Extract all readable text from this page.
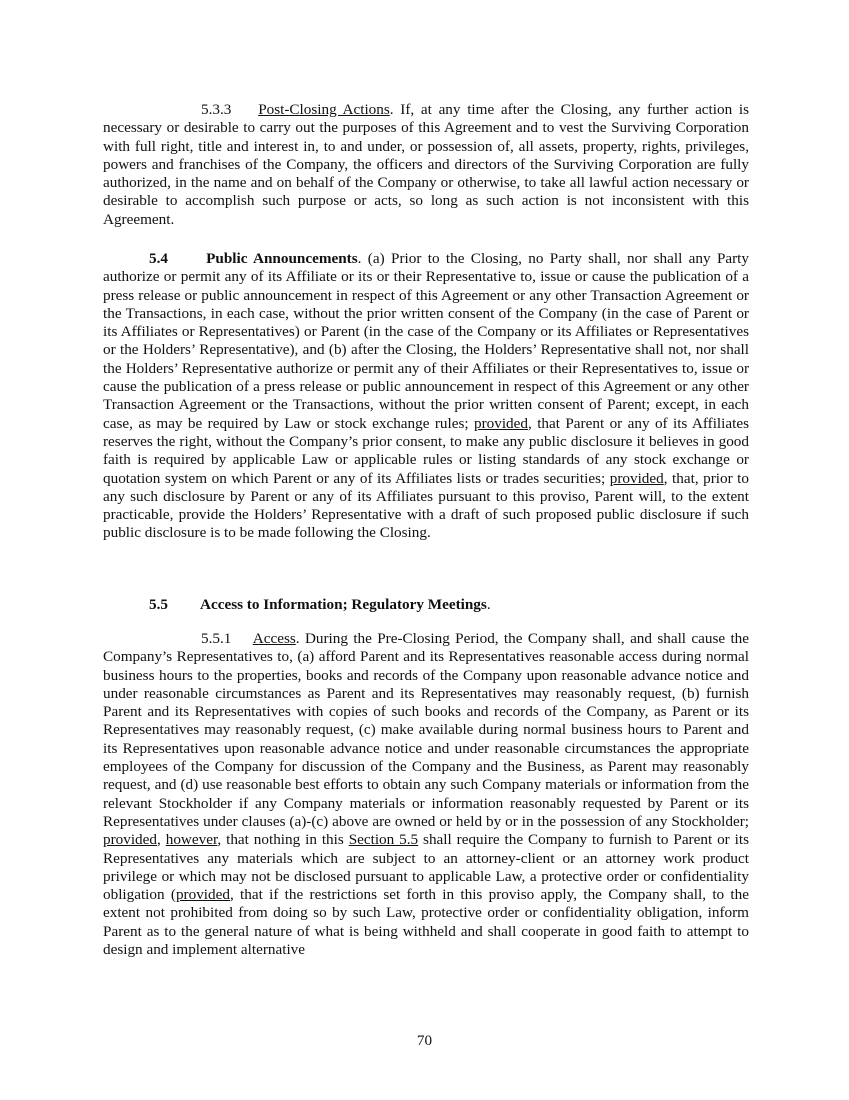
5.3.3 Post-Closing Actions. If, at any time after the Closing, any further action is necessary or desirable to carry out the purposes of this Agreement and to vest the Surviving Corporation with full right, title and interest in, to and under, or possession of, all assets, property, rights, privileges, powers and franchises of the Company, the officers and directors of the Surviving Corporation are fully authorized, in the name and on behalf of the Company or otherwise, to take all lawful action necessary or desirable to accomplish such purpose or acts, so long as such action is not inconsistent with this Agreement.

5.4	Public Announcements. (a) Prior to the Closing, no Party shall, nor shall any Party authorize or permit any of its Affiliate or its or their Representative to, issue or cause the publication of a press release or public announcement in respect of this Agreement or any other Transaction Agreement or the Transactions, in each case, without the prior written consent of the Company (in the case of Parent or its Affiliates or Representatives) or Parent (in the case of the Company or its Affiliates or Representatives or the Holders’ Representative), and (b) after the Closing, the Holders’ Representative shall not, nor shall the Holders’ Representative authorize or permit any of their Affiliates or their Representatives to, issue or cause the publication of a press release or public announcement in respect of this Agreement or any other Transaction Agreement or the Transactions, without the prior written consent of Parent; except, in each case, as may be required by Law or stock exchange rules; provided, that Parent or any of its Affiliates reserves the right, without the Company’s prior consent, to make any public disclosure it believes in good faith is required by applicable Law or applicable rules or listing standards of any stock exchange or quotation system on which Parent or any of its Affiliates lists or trades securities; provided, that, prior to any such disclosure by Parent or any of its Affiliates pursuant to this proviso, Parent will, to the extent practicable, provide the Holders’ Representative with a draft of such proposed public disclosure if such public disclosure is to be made following the Closing.

5.5 Access to Information; Regulatory Meetings.

5.5.1 Access. During the Pre-Closing Period, the Company shall, and shall cause the Company’s Representatives to, (a) afford Parent and its Representatives reasonable access during normal business hours to the properties, books and records of the Company upon reasonable advance notice and under reasonable circumstances as Parent and its Representatives may reasonably request, (b) furnish Parent and its Representatives with copies of such books and records of the Company, as Parent or its Representatives may reasonably request, (c) make available during normal business hours to Parent and its Representatives upon reasonable advance notice and under reasonable circumstances the appropriate employees of the Company for discussion of the Company and the Business, as Parent may reasonably request, and (d) use reasonable best efforts to obtain any such Company materials or information from the relevant Stockholder if any Company materials or information reasonably requested by Parent or its Representatives under clauses (a)-(c) above are owned or held by or in the possession of any Stockholder; provided, however, that nothing in this Section 5.5 shall require the Company to furnish to Parent or its Representatives any materials which are subject to an attorney-client or an attorney work product privilege or which may not be disclosed pursuant to applicable Law, a protective order or confidentiality obligation (provided, that if the restrictions set forth in this proviso apply, the Company shall, to the extent not prohibited from doing so by such Law, protective order or confidentiality obligation, inform Parent as to the general nature of what is being withheld and shall cooperate in good faith to attempt to design and implement alternative

70
